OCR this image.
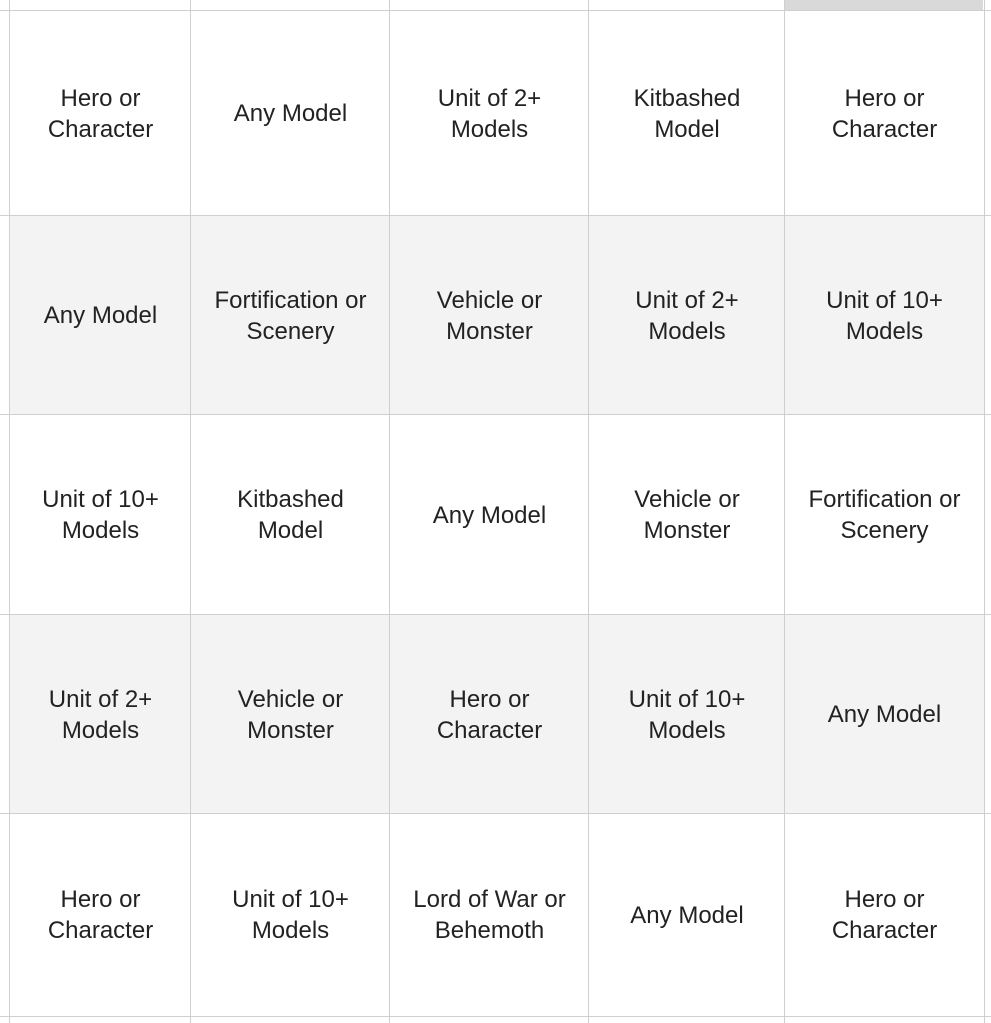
Hero or
Character
Any Model
Unit of 2+
Models
Kitbashed
Model
Hero or
Character
Any Model
Fortification or
Scenery
Vehicle or
Monster
Unit of 2+
Models
Unit of 10+
Models
Unit of 10+
Models
Kitbashed
Model
Any Model
Vehicle or
Monster
Fortification or
Scenery
Unit of 2+
Models
Vehicle or
Monster
Hero or
Character
Unit of 10+
Models
Any Model
Hero or
Character
Unit of 10+
Models
Lord of War or
Behemoth
Any Model
Hero or
Character
